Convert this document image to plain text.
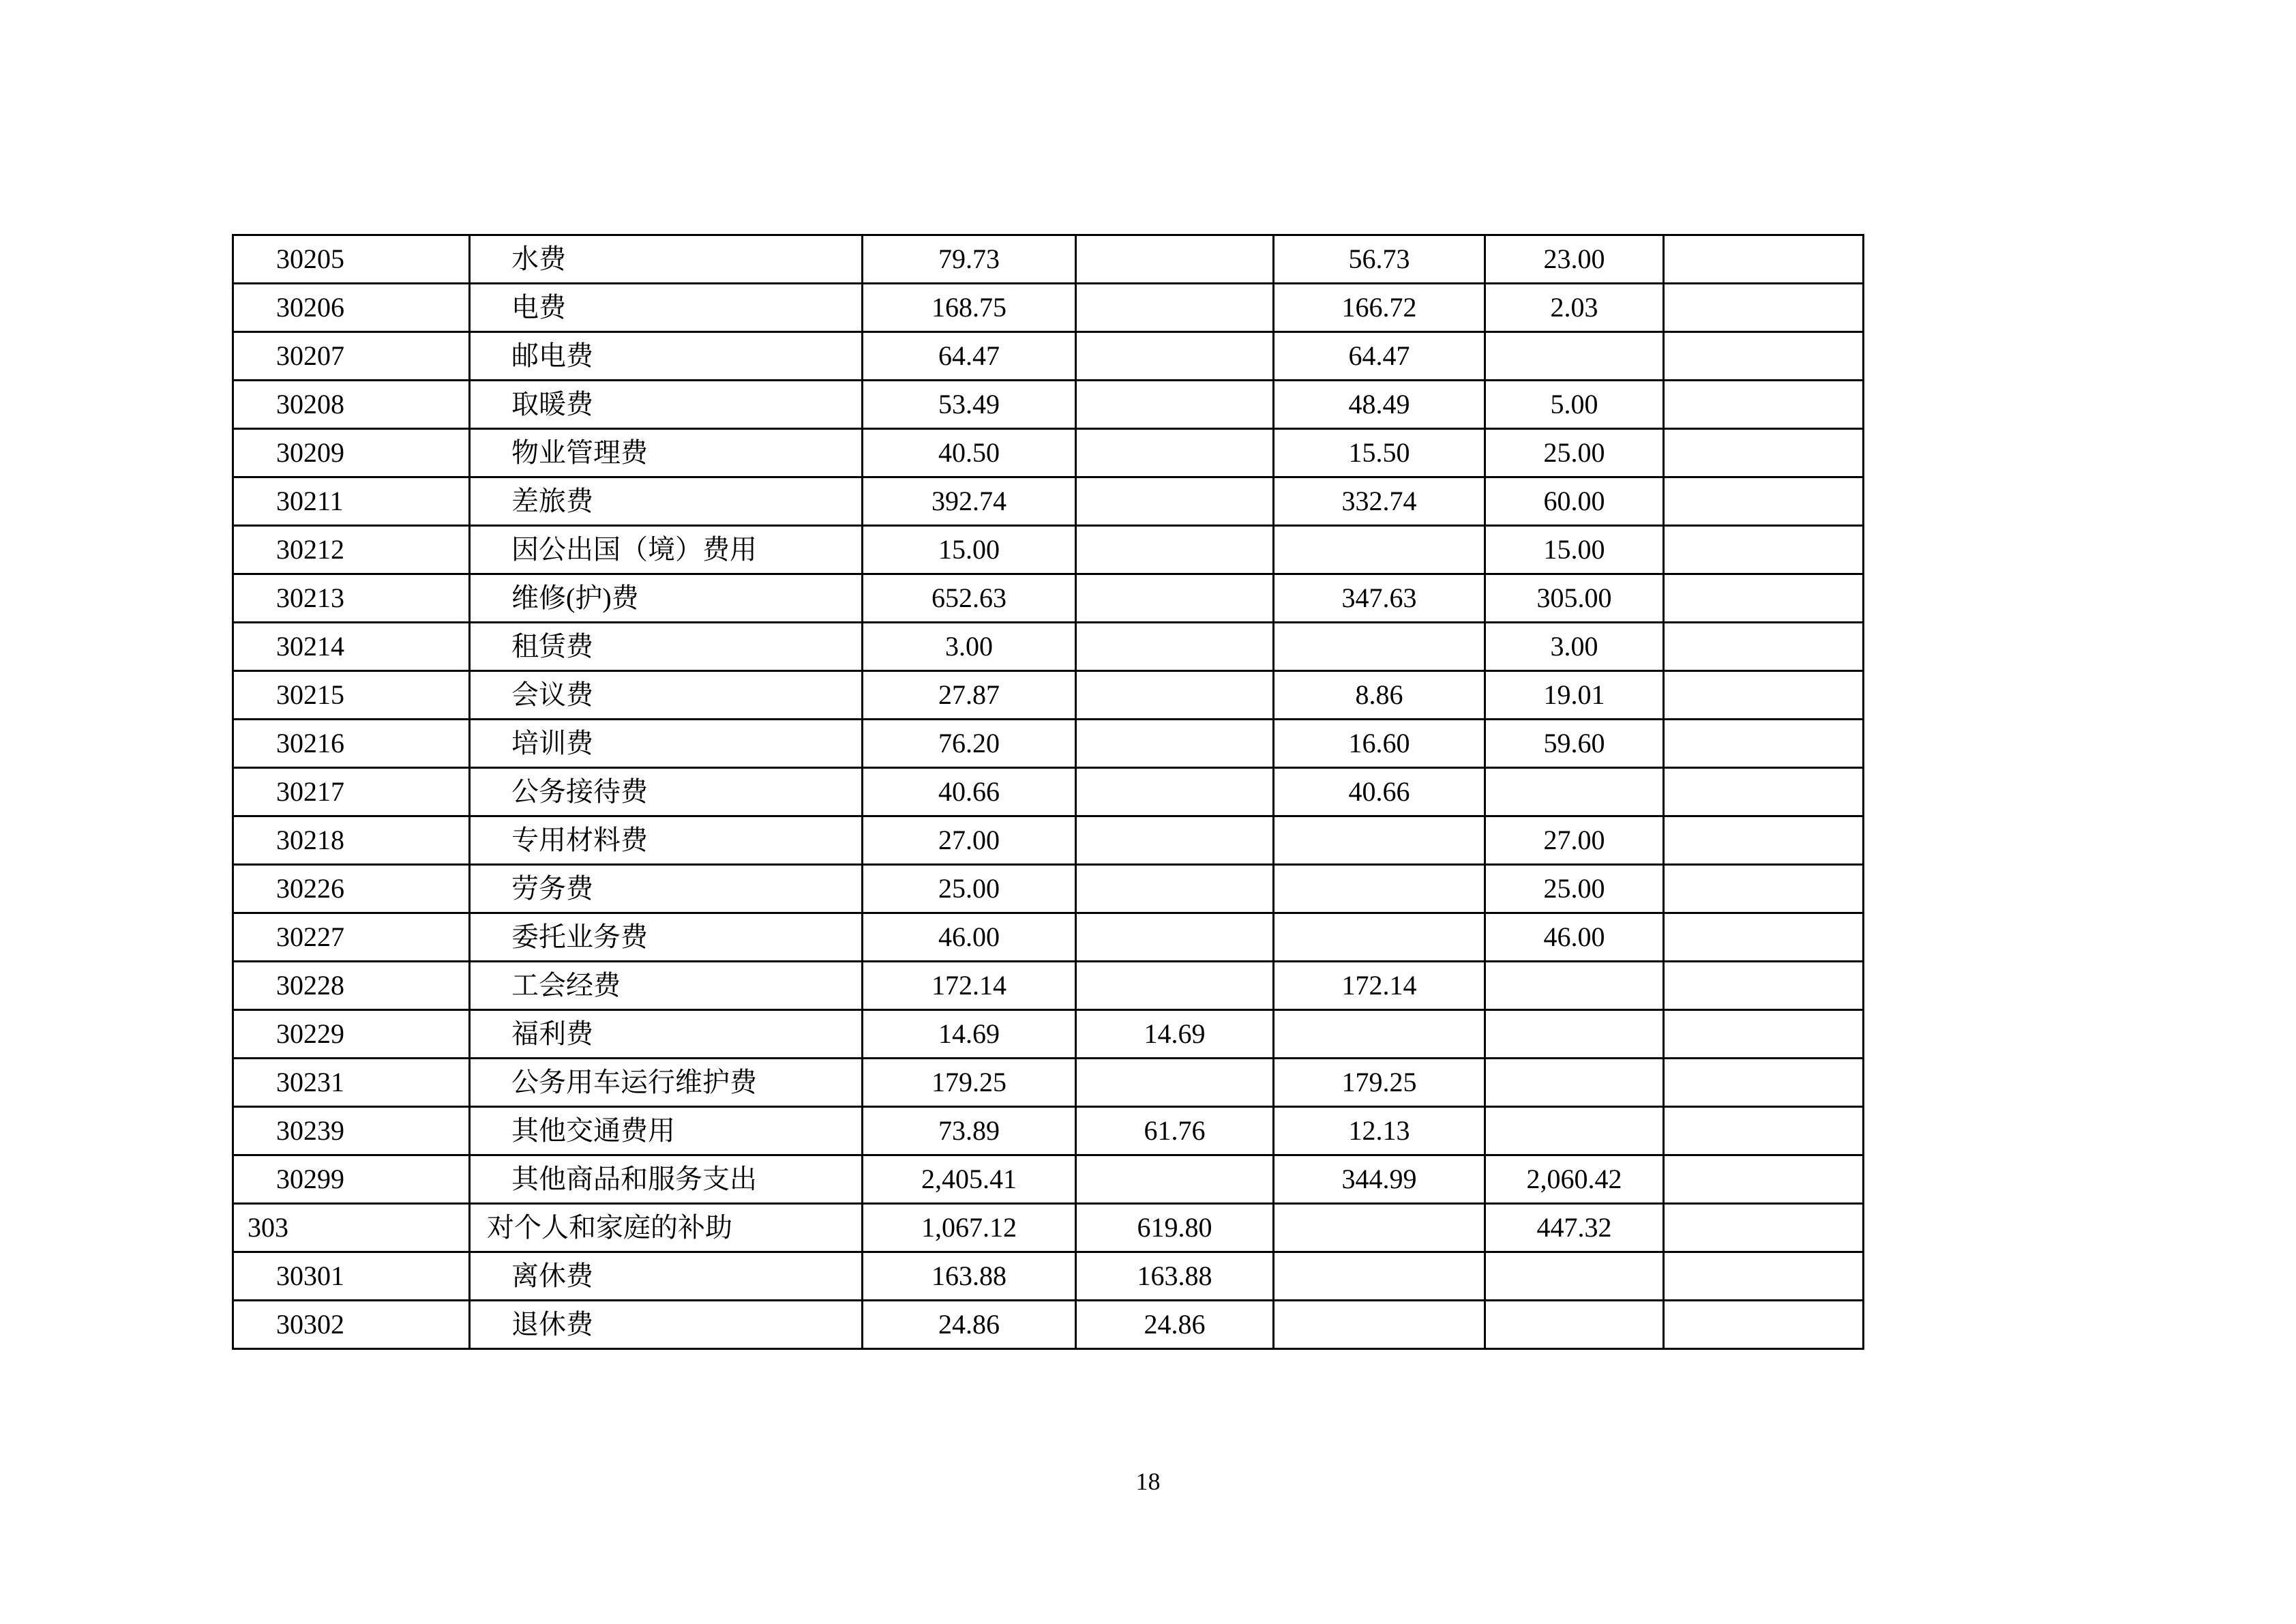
30205	水费	79.73		56.73	23.00	
30206	电费	168.75		166.72	2.03	
30207	邮电费	64.47		64.47		
30208	取暖费	53.49		48.49	5.00	
30209	物业管理费	40.50		15.50	25.00	
30211	差旅费	392.74		332.74	60.00	
30212	因公出国（境）费用	15.00			15.00	
30213	维修(护)费	652.63		347.63	305.00	
30214	租赁费	3.00			3.00	
30215	会议费	27.87		8.86	19.01	
30216	培训费	76.20		16.60	59.60	
30217	公务接待费	40.66		40.66		
30218	专用材料费	27.00			27.00	
30226	劳务费	25.00			25.00	
30227	委托业务费	46.00			46.00	
30228	工会经费	172.14		172.14		
30229	福利费	14.69	14.69			
30231	公务用车运行维护费	179.25		179.25		
30239	其他交通费用	73.89	61.76	12.13		
30299	其他商品和服务支出	2,405.41		344.99	2,060.42	
303	对个人和家庭的补助	1,067.12	619.80		447.32	
30301	离休费	163.88	163.88			
30302	退休费	24.86	24.86			
18
